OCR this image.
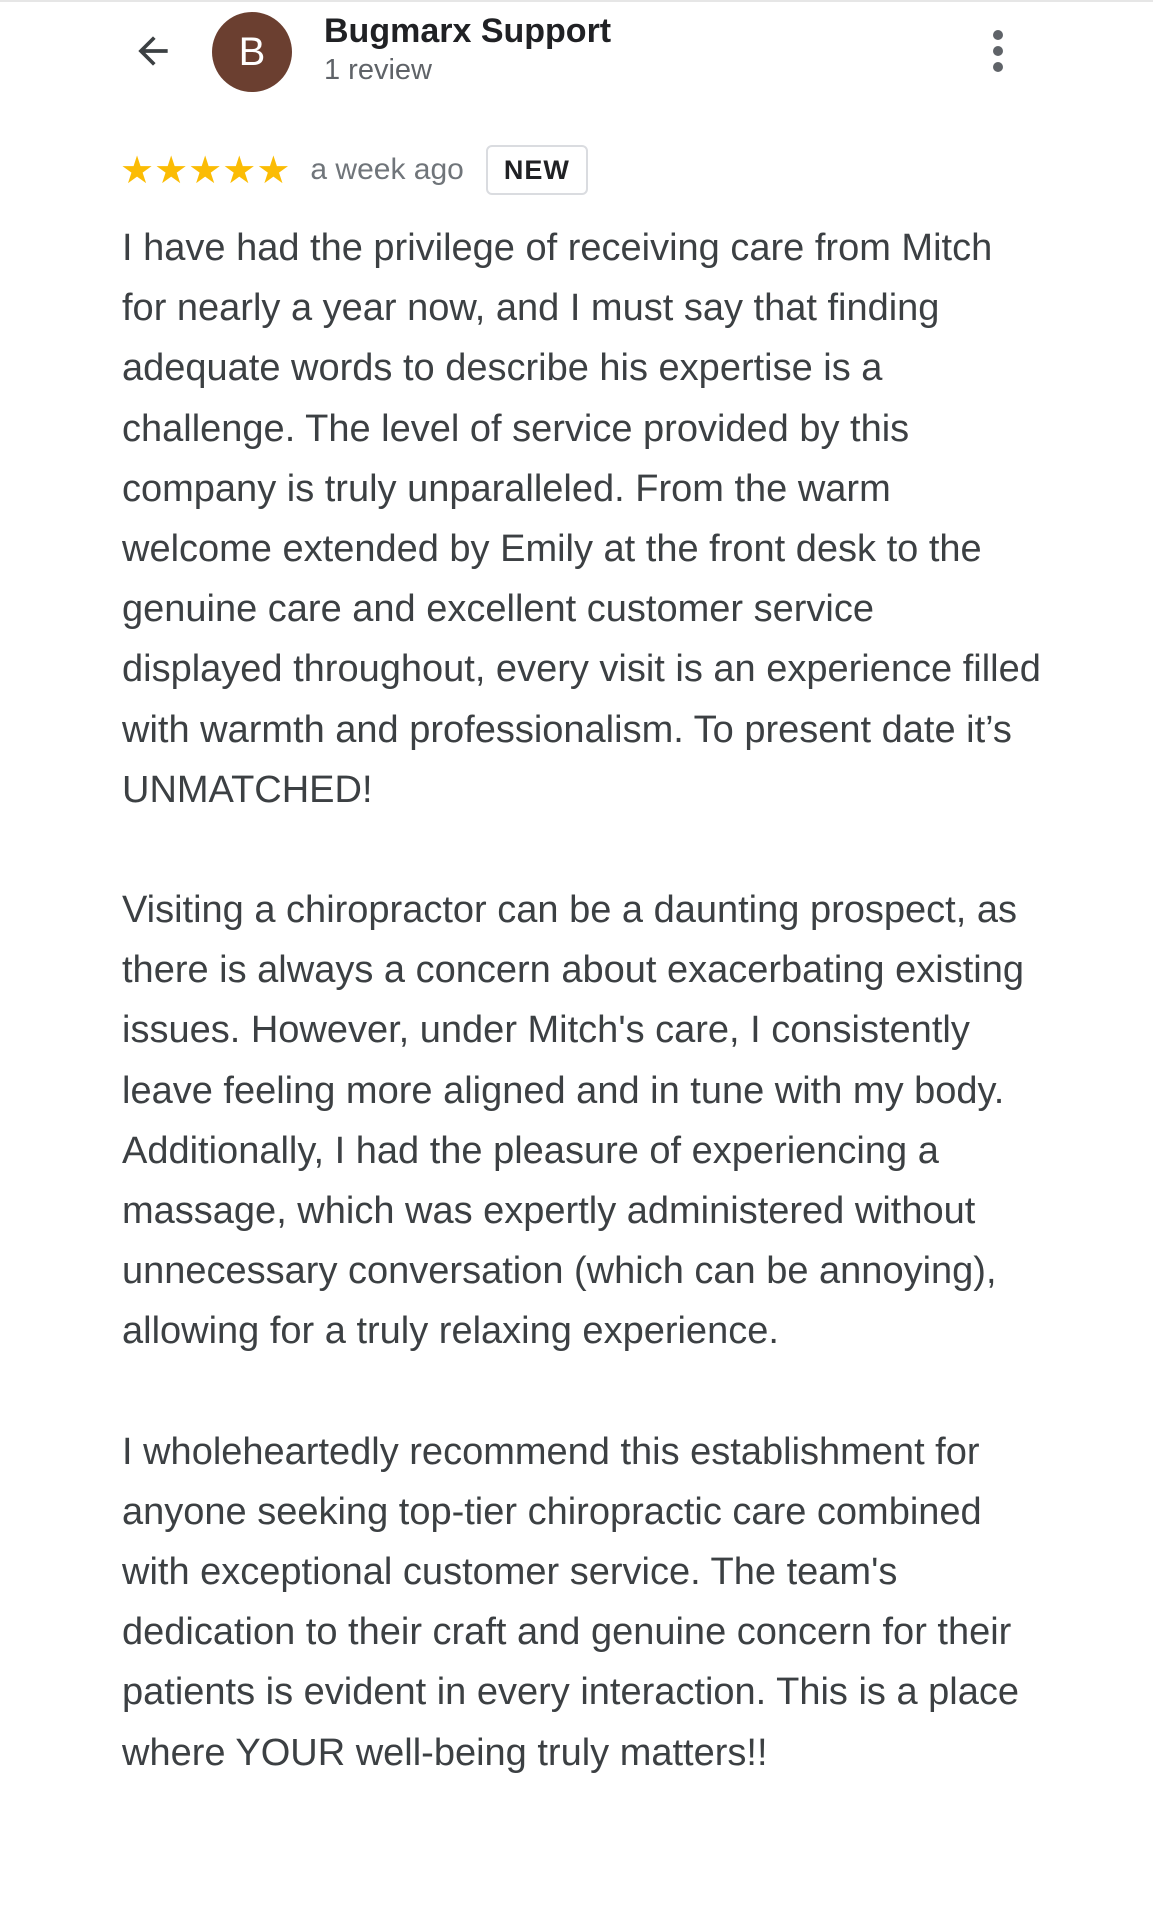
B Bugmarx Support
1 review
★ ★ ★ ★ ★ a week ago	NEW

I have had the privilege of receiving care from Mitch for nearly a year now, and I must say that finding adequate words to describe his expertise is a challenge. The level of service provided by this company is truly unparalleled. From the warm welcome extended by Emily at the front desk to the genuine care and excellent customer service displayed throughout, every visit is an experience filled with warmth and professionalism. To present date it’s UNMATCHED!

Visiting a chiropractor can be a daunting prospect, as there is always a concern about exacerbating existing issues. However, under Mitch's care, I consistently leave feeling more aligned and in tune with my body. Additionally, I had the pleasure of experiencing a massage, which was expertly administered without unnecessary conversation (which can be annoying), allowing for a truly relaxing experience.

I wholeheartedly recommend this establishment for anyone seeking top-tier chiropractic care combined with exceptional customer service. The team's dedication to their craft and genuine concern for their patients is evident in every interaction. This is a place where YOUR well-being truly matters!!
